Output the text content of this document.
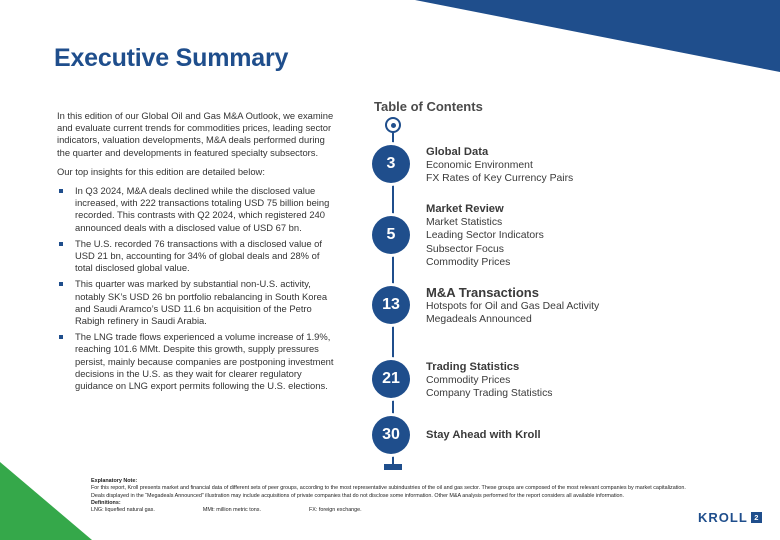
Executive Summary

In this edition of our Global Oil and Gas M&A Outlook, we examine and evaluate current trends for commodities prices, leading sector indicators, valuation developments, M&A deals performed during the quarter and developments in featured specialty subsectors.

Our top insights for this edition are detailed below:

In Q3 2024, M&A deals declined while the disclosed value increased, with 222 transactions totaling USD 75 billion being recorded. This contrasts with Q2 2024, which registered 240 announced deals with a disclosed value of USD 67 bn.
The U.S. recorded 76 transactions with a disclosed value of USD 21 bn, accounting for 34% of global deals and 28% of total disclosed global value.
This quarter was marked by substantial non-U.S. activity, notably SK’s USD 26 bn portfolio rebalancing in South Korea and Saudi Aramco’s USD 11.6 bn acquisition of the Petro Rabigh refinery in Saudi Arabia.
The LNG trade flows experienced a volume increase of 1.9%, reaching 101.6 MMt. Despite this growth, supply pressures persist, mainly because companies are postponing investment decisions in the U.S. as they wait for clearer regulatory guidance on LNG export permits following the U.S. elections.
Table of Contents
3
Global Data
Economic Environment
FX Rates of Key Currency Pairs
5
Market Review
Market Statistics
Leading Sector Indicators
Subsector Focus
Commodity Prices
13
M&A Transactions
Hotspots for Oil and Gas Deal Activity
Megadeals Announced
21
Trading Statistics
Commodity Prices
Company Trading Statistics
30	Stay Ahead with Kroll
Explanatory Note:
For this report, Kroll presents market and financial data of different sets of peer groups, according to the most representative subindustries of the oil and gas sector. These groups are composed of the most relevant companies by market capitalization.
Deals displayed in the “Megadeals Announced” illustration may include acquisitions of private companies that do not disclose some information. Other M&A analysis performed for the report considers all available information.
Definitions:
LNG: liquefied natural gas.	MMt: million metric tons.	FX: foreign exchange.	KROLL 2
